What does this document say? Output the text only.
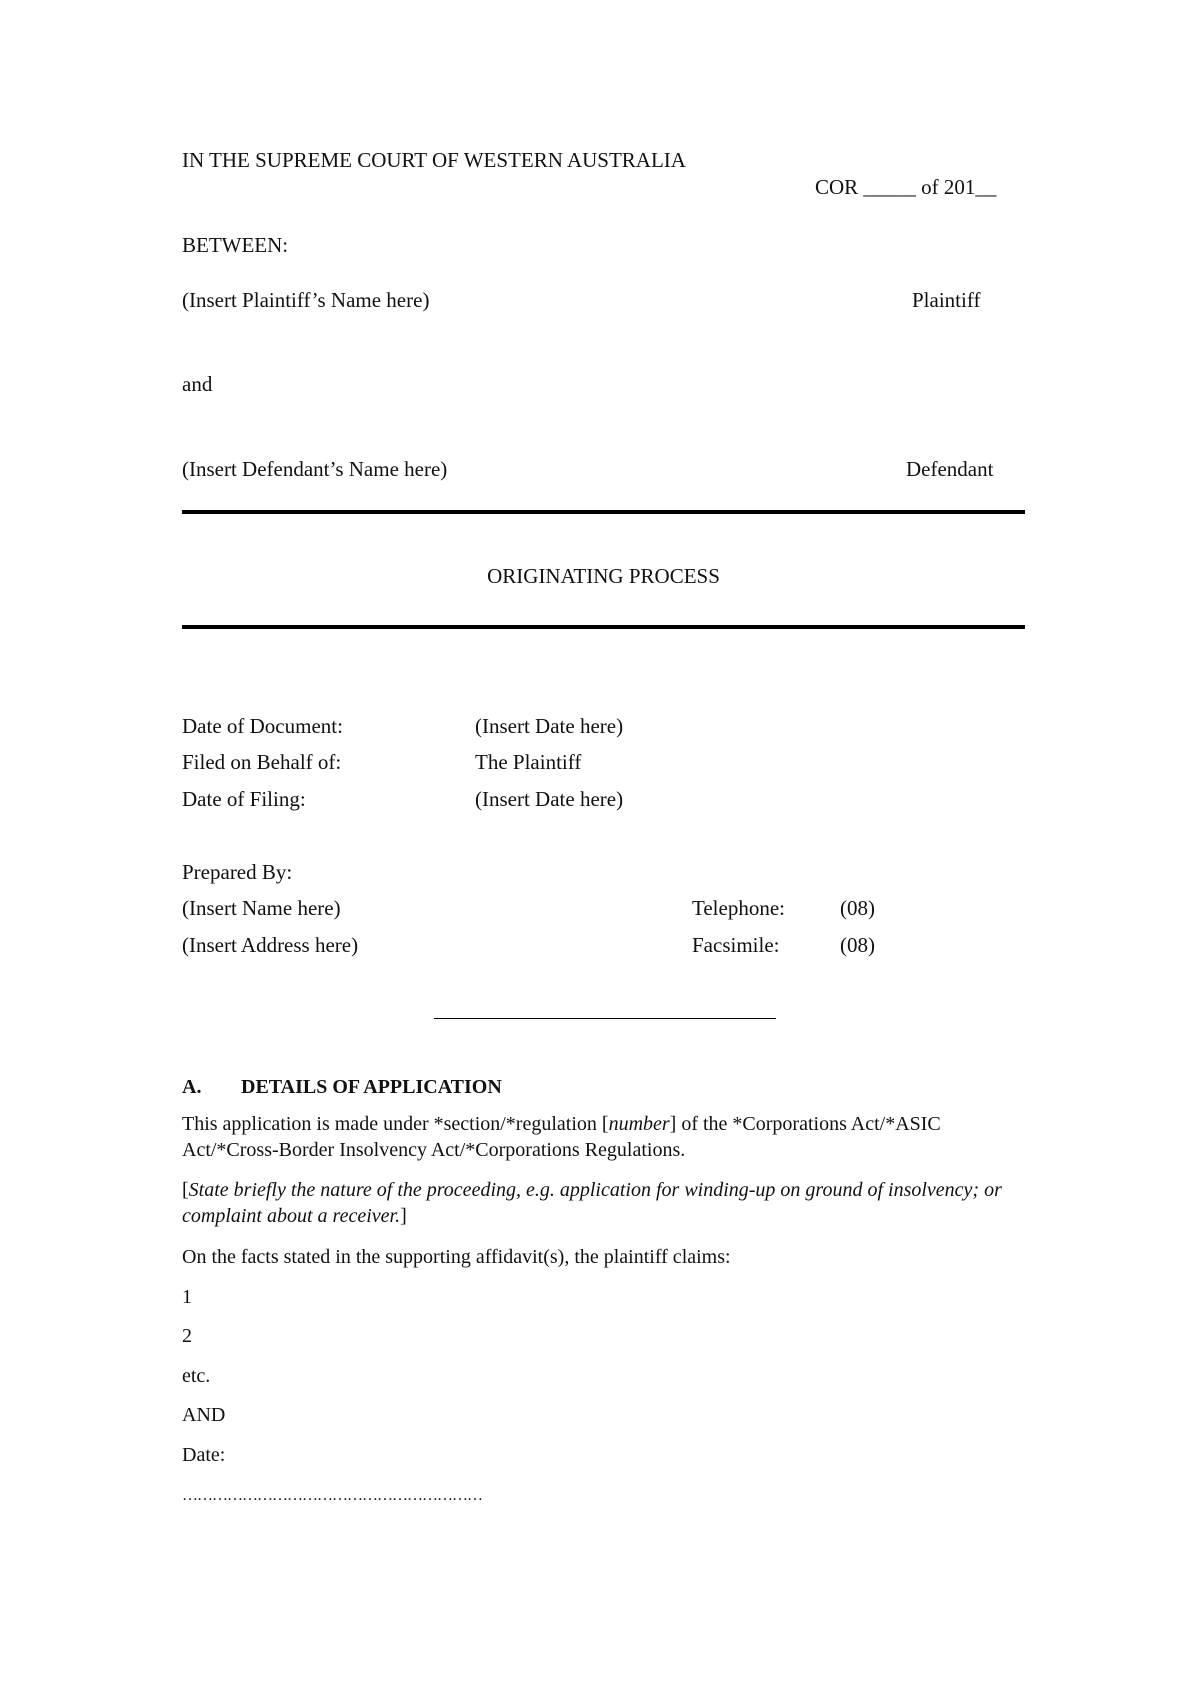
IN THE SUPREME COURT OF WESTERN AUSTRALIA
COR _____ of 201__
BETWEEN:
(Insert Plaintiff’s Name here)	Plaintiff
and
(Insert Defendant’s Name here)	Defendant
ORIGINATING PROCESS
Date of Document:	(Insert Date here)
Filed on Behalf of:	The Plaintiff
Date of Filing:	(Insert Date here)
Prepared By:
(Insert Name here)	Telephone:	(08)
(Insert Address here)	Facsimile:	(08)
A. DETAILS OF APPLICATION
This application is made under *section/*regulation [number] of the *Corporations Act/*ASIC Act/*Cross-Border Insolvency Act/*Corporations Regulations.
[State briefly the nature of the proceeding, e.g. application for winding-up on ground of insolvency; or complaint about a receiver.]
On the facts stated in the supporting affidavit(s), the plaintiff claims:
1
2
etc.
AND
Date:
……………………………………………………
